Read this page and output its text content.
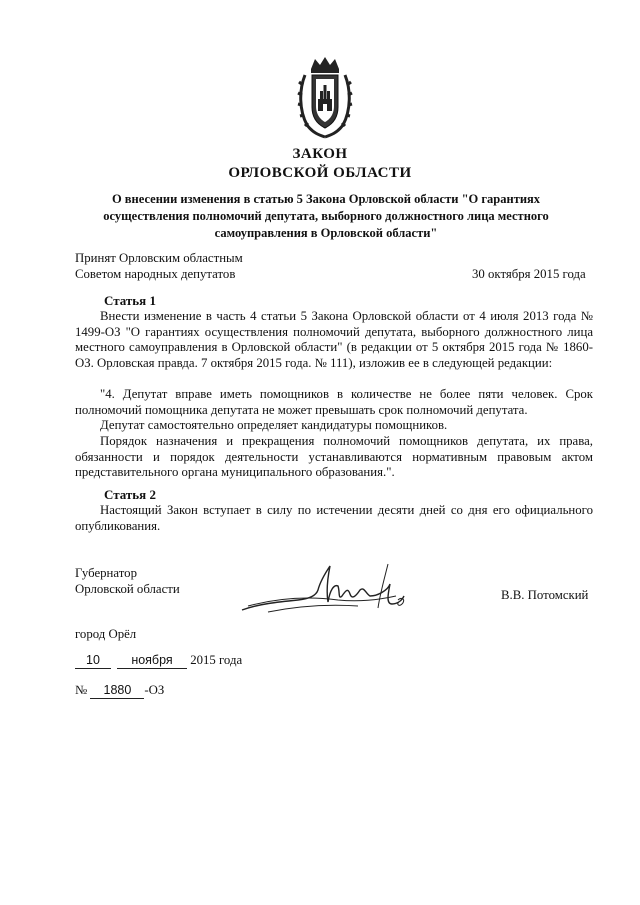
ЗАКОН
ОРЛОВСКОЙ ОБЛАСТИ
О внесении изменения в статью 5 Закона Орловской области "О гарантиях
осуществления полномочий депутата, выборного должностного лица местного
самоуправления в Орловской области"
Принят Орловским областным
Советом народных депутатов	30 октября 2015 года
Статья 1
Внести изменение в часть 4 статьи 5 Закона Орловской области от 4 июля 2013 года № 1499-ОЗ "О гарантиях осуществления полномочий депутата, выборного должностного лица местного самоуправления в Орловской области" (в редакции от 5 октября 2015 года № 1860-ОЗ. Орловская правда. 7 октября 2015 года. № 111), изложив ее в следующей редакции:
"4. Депутат вправе иметь помощников в количестве не более пяти человек. Срок полномочий помощника депутата не может превышать срок полномочий депутата.
Депутат самостоятельно определяет кандидатуры помощников.
Порядок назначения и прекращения полномочий помощников депутата, их права, обязанности и порядок деятельности устанавливаются нормативным правовым актом представительного органа муниципального образования.".
Статья 2
Настоящий Закон вступает в силу по истечении десяти дней со дня его официального опубликования.
Губернатор
Орловской области	В.В. Потомский
город Орёл
10	ноября 2015 года
№ 1880 -ОЗ
